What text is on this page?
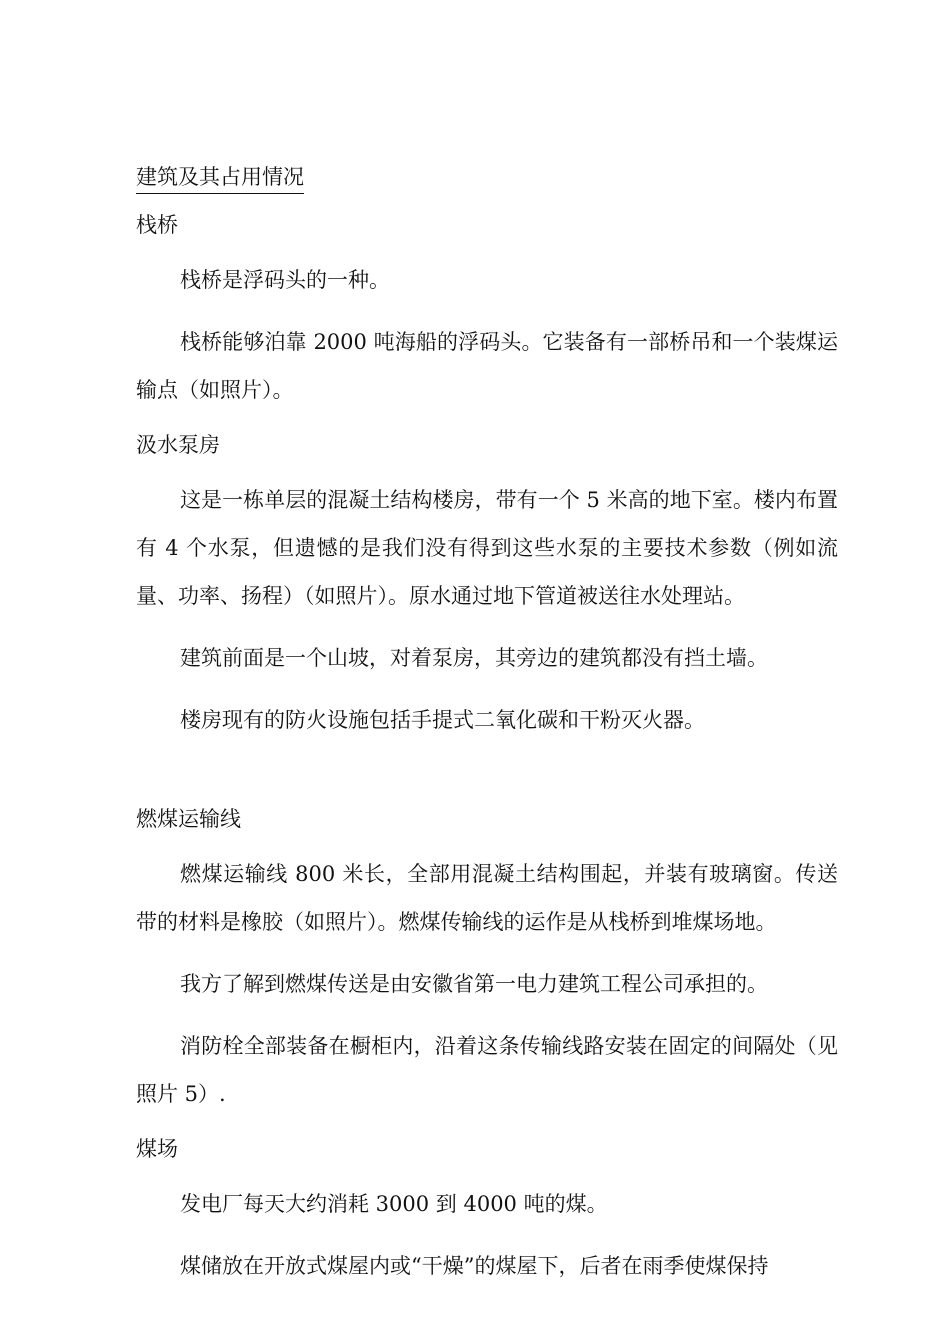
建筑及其占用情况
栈桥

栈桥是浮码头的一种。

栈桥能够泊靠 2000 吨海船的浮码头。它装备有一部桥吊和一个装煤运输点（如照片）。

汲水泵房

这是一栋单层的混凝土结构楼房，带有一个 5 米高的地下室。楼内布置有 4 个水泵，但遗憾的是我们没有得到这些水泵的主要技术参数（例如流量、功率、扬程）（如照片）。原水通过地下管道被送往水处理站。

建筑前面是一个山坡，对着泵房，其旁边的建筑都没有挡土墙。

楼房现有的防火设施包括手提式二氧化碳和干粉灭火器。

燃煤运输线

燃煤运输线 800 米长，全部用混凝土结构围起，并装有玻璃窗。传送带的材料是橡胶（如照片）。燃煤传输线的运作是从栈桥到堆煤场地。

我方了解到燃煤传送是由安徽省第一电力建筑工程公司承担的。

消防栓全部装备在橱柜内，沿着这条传输线路安装在固定的间隔处（见照片 5）.

煤场

发电厂每天大约消耗 3000 到 4000 吨的煤。

煤储放在开放式煤屋内或“干燥”的煤屋下，后者在雨季使煤保持
